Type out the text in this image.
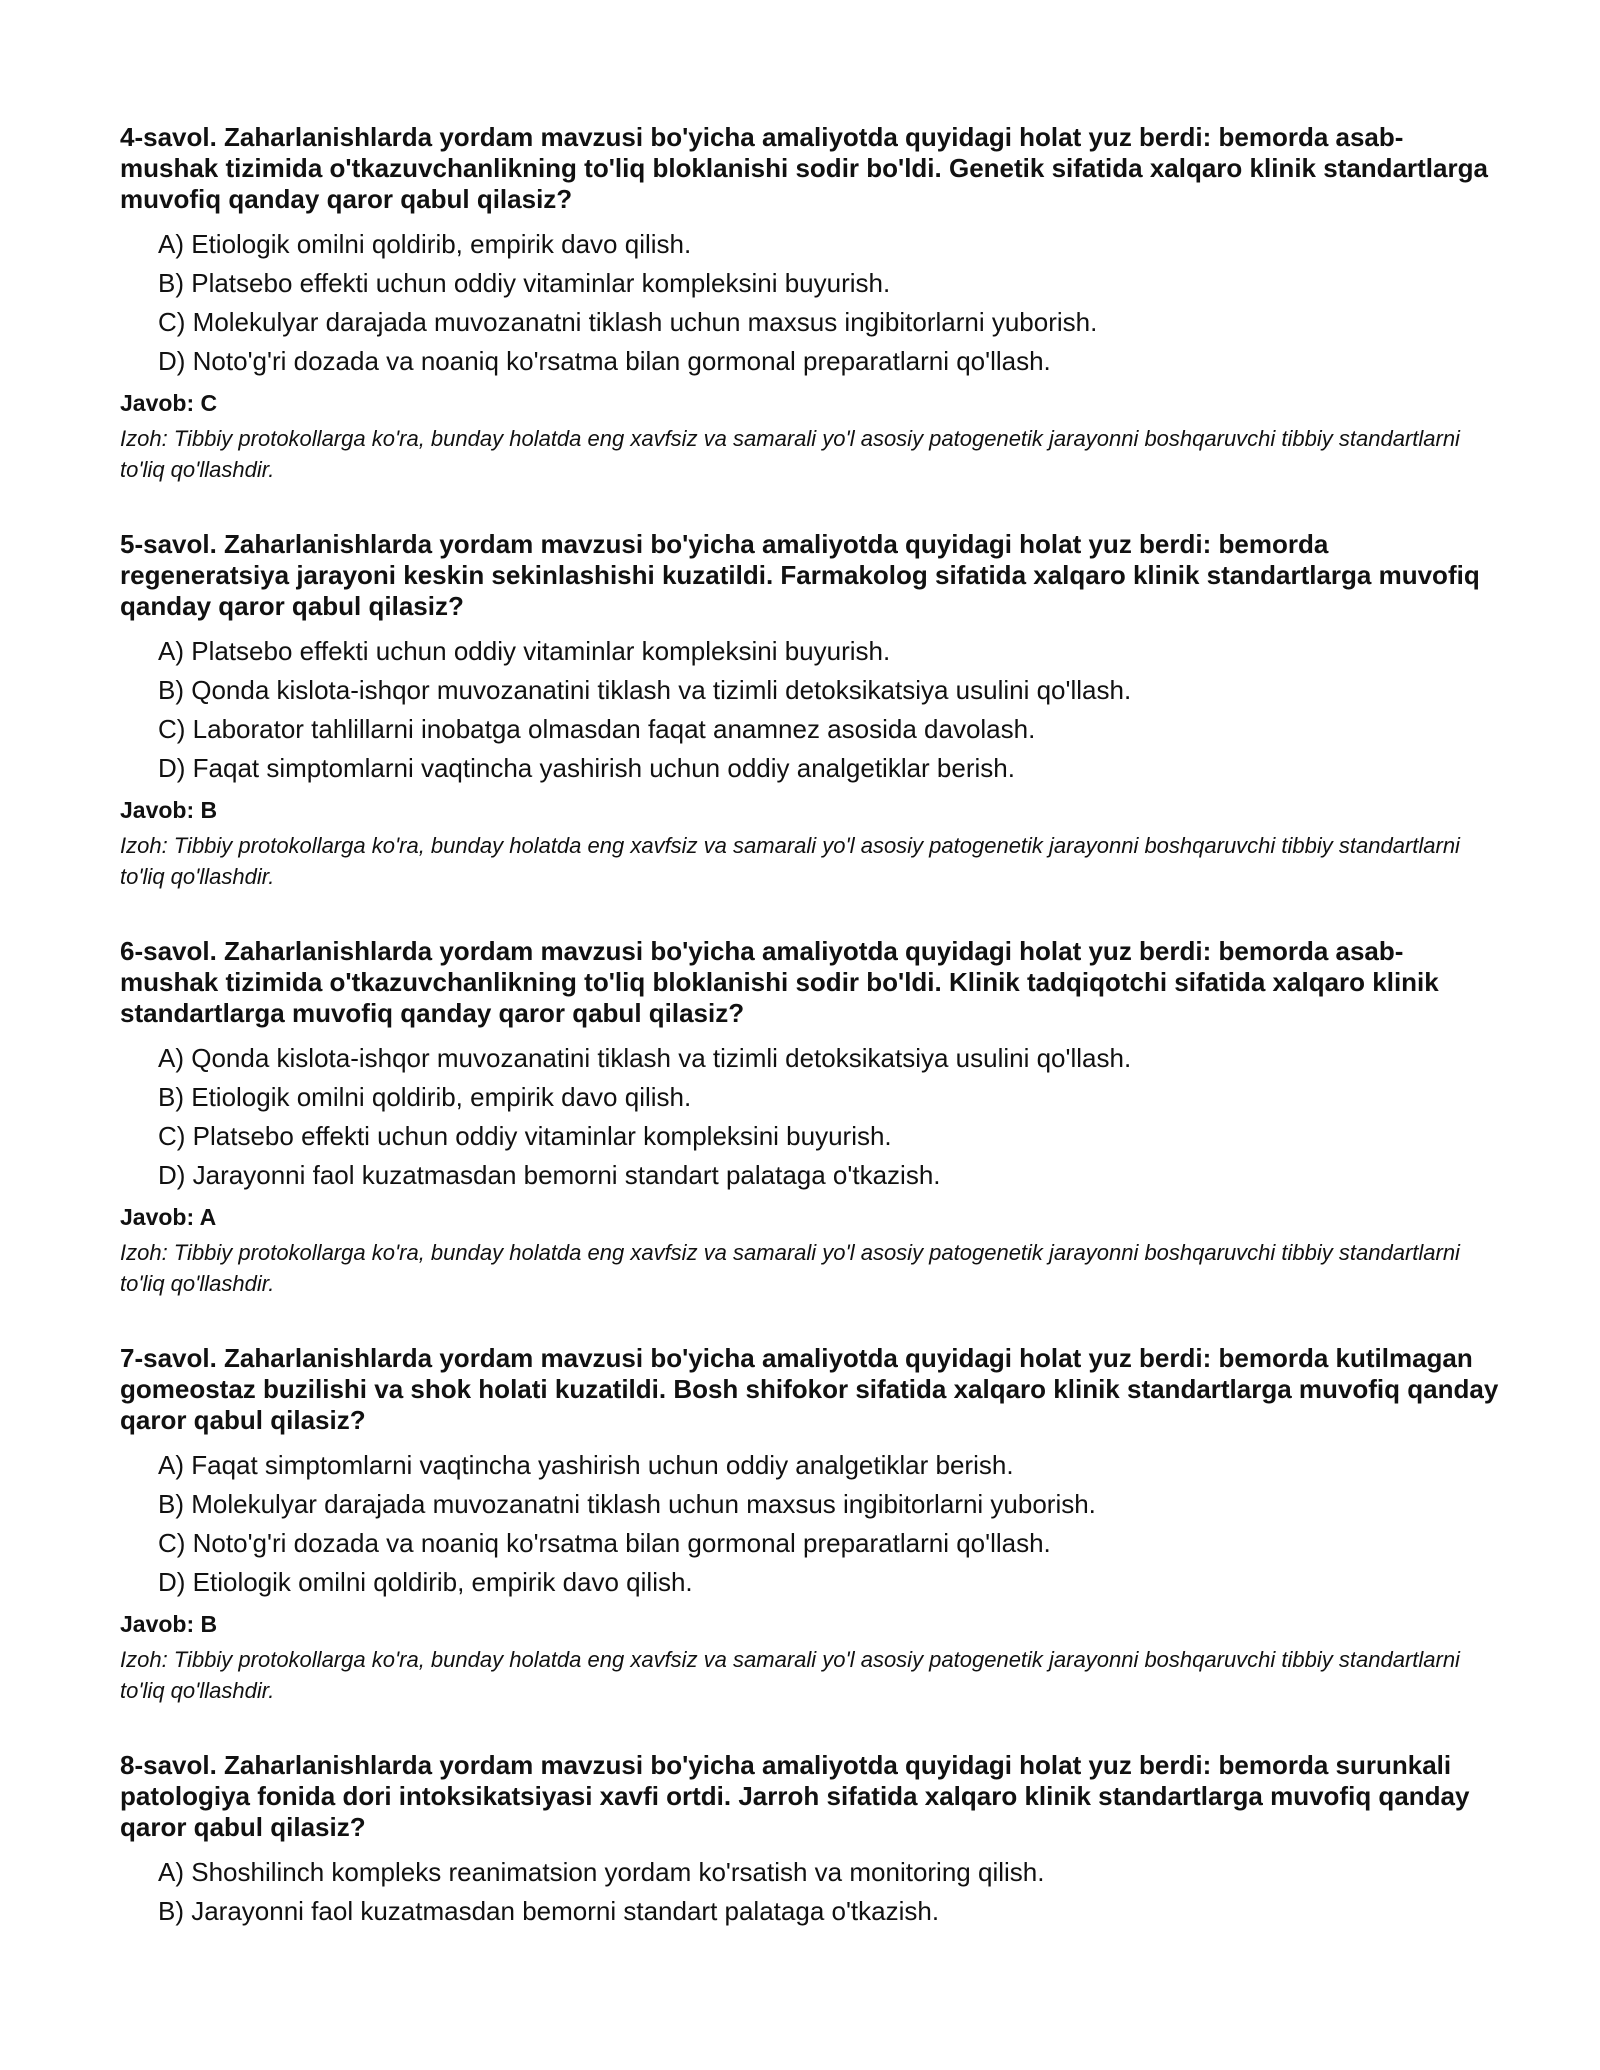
4-savol. Zaharlanishlarda yordam mavzusi bo'yicha amaliyotda quyidagi holat yuz berdi: bemorda asab-mushak tizimida o'tkazuvchanlikning to'liq bloklanishi sodir bo'ldi. Genetik sifatida xalqaro klinik standartlarga muvofiq qanday qaror qabul qilasiz?

A) Etiologik omilni qoldirib, empirik davo qilish.
B) Platsebo effekti uchun oddiy vitaminlar kompleksini buyurish.
C) Molekulyar darajada muvozanatni tiklash uchun maxsus ingibitorlarni yuborish.
D) Noto'g'ri dozada va noaniq ko'rsatma bilan gormonal preparatlarni qo'llash.

Javob: C

Izoh: Tibbiy protokollarga ko'ra, bunday holatda eng xavfsiz va samarali yo'l asosiy patogenetik jarayonni boshqaruvchi tibbiy standartlarni to'liq qo'llashdir.

5-savol. Zaharlanishlarda yordam mavzusi bo'yicha amaliyotda quyidagi holat yuz berdi: bemorda regeneratsiya jarayoni keskin sekinlashishi kuzatildi. Farmakolog sifatida xalqaro klinik standartlarga muvofiq qanday qaror qabul qilasiz?

A) Platsebo effekti uchun oddiy vitaminlar kompleksini buyurish.
B) Qonda kislota-ishqor muvozanatini tiklash va tizimli detoksikatsiya usulini qo'llash.
C) Laborator tahlillarni inobatga olmasdan faqat anamnez asosida davolash.
D) Faqat simptomlarni vaqtincha yashirish uchun oddiy analgetiklar berish.

Javob: B

Izoh: Tibbiy protokollarga ko'ra, bunday holatda eng xavfsiz va samarali yo'l asosiy patogenetik jarayonni boshqaruvchi tibbiy standartlarni to'liq qo'llashdir.

6-savol. Zaharlanishlarda yordam mavzusi bo'yicha amaliyotda quyidagi holat yuz berdi: bemorda asab-mushak tizimida o'tkazuvchanlikning to'liq bloklanishi sodir bo'ldi. Klinik tadqiqotchi sifatida xalqaro klinik standartlarga muvofiq qanday qaror qabul qilasiz?

A) Qonda kislota-ishqor muvozanatini tiklash va tizimli detoksikatsiya usulini qo'llash.
B) Etiologik omilni qoldirib, empirik davo qilish.
C) Platsebo effekti uchun oddiy vitaminlar kompleksini buyurish.
D) Jarayonni faol kuzatmasdan bemorni standart palataga o'tkazish.

Javob: A

Izoh: Tibbiy protokollarga ko'ra, bunday holatda eng xavfsiz va samarali yo'l asosiy patogenetik jarayonni boshqaruvchi tibbiy standartlarni to'liq qo'llashdir.

7-savol. Zaharlanishlarda yordam mavzusi bo'yicha amaliyotda quyidagi holat yuz berdi: bemorda kutilmagan gomeostaz buzilishi va shok holati kuzatildi. Bosh shifokor sifatida xalqaro klinik standartlarga muvofiq qanday qaror qabul qilasiz?

A) Faqat simptomlarni vaqtincha yashirish uchun oddiy analgetiklar berish.
B) Molekulyar darajada muvozanatni tiklash uchun maxsus ingibitorlarni yuborish.
C) Noto'g'ri dozada va noaniq ko'rsatma bilan gormonal preparatlarni qo'llash.
D) Etiologik omilni qoldirib, empirik davo qilish.

Javob: B

Izoh: Tibbiy protokollarga ko'ra, bunday holatda eng xavfsiz va samarali yo'l asosiy patogenetik jarayonni boshqaruvchi tibbiy standartlarni to'liq qo'llashdir.

8-savol. Zaharlanishlarda yordam mavzusi bo'yicha amaliyotda quyidagi holat yuz berdi: bemorda surunkali patologiya fonida dori intoksikatsiyasi xavfi ortdi. Jarroh sifatida xalqaro klinik standartlarga muvofiq qanday qaror qabul qilasiz?

A) Shoshilinch kompleks reanimatsion yordam ko'rsatish va monitoring qilish.
B) Jarayonni faol kuzatmasdan bemorni standart palataga o'tkazish.
